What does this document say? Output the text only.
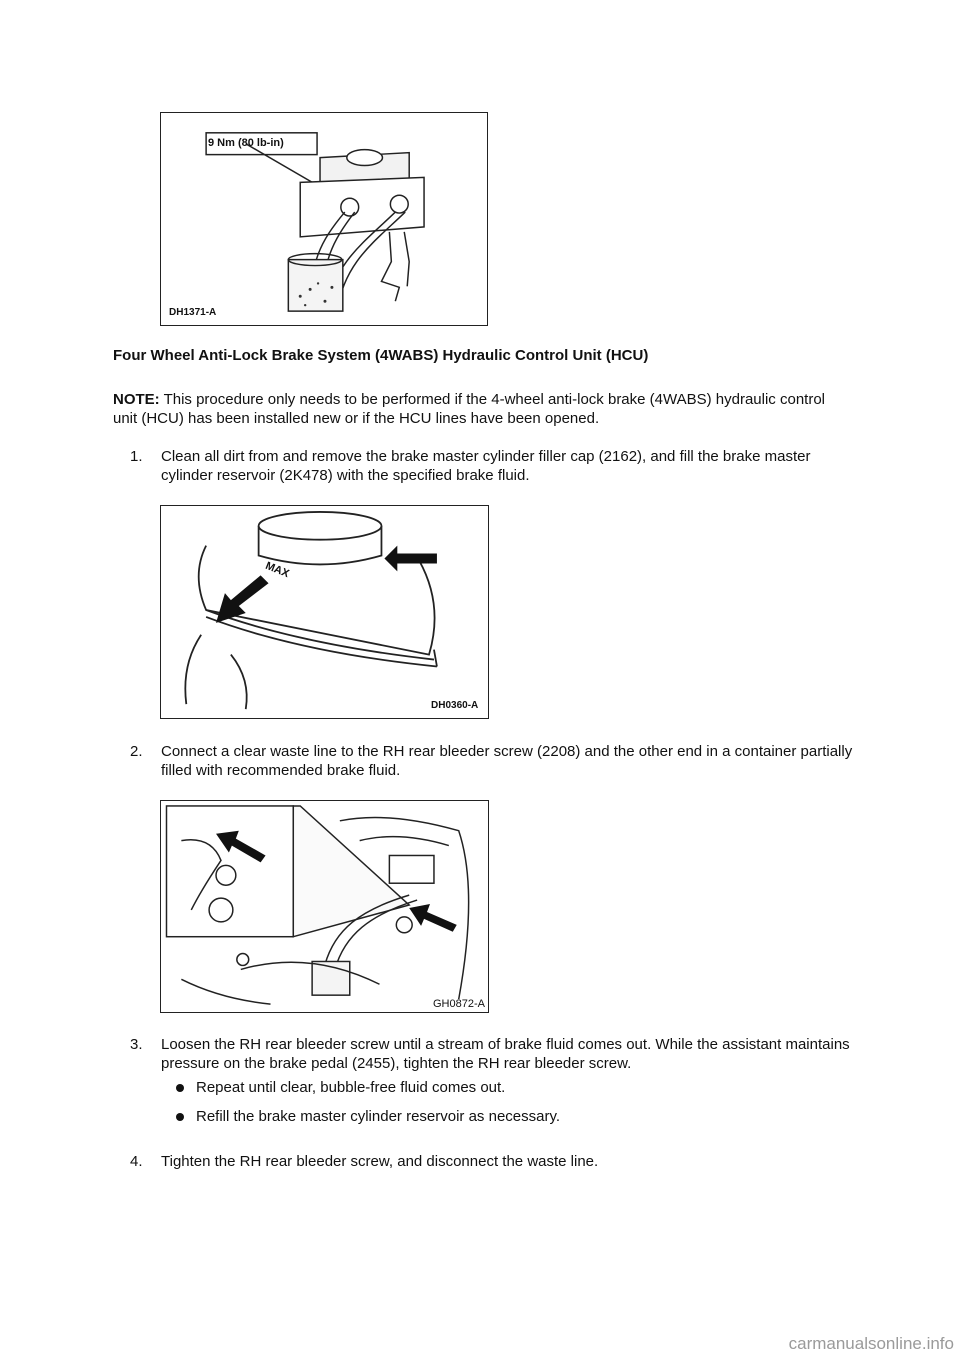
9 Nm (80 lb-in)
DH1371-A
Four Wheel Anti-Lock Brake System (4WABS) Hydraulic Control Unit (HCU)
NOTE: This procedure only needs to be performed if the 4-wheel anti-lock brake (4WABS) hydraulic control unit (HCU) has been installed new or if the HCU lines have been opened.
1. Clean all dirt from and remove the brake master cylinder filler cap (2162), and fill the brake master cylinder reservoir (2K478) with the specified brake fluid.
MAX
DH0360-A
2. Connect a clear waste line to the RH rear bleeder screw (2208) and the other end in a container partially filled with recommended brake fluid.
GH0872-A
3. Loosen the RH rear bleeder screw until a stream of brake fluid comes out. While the assistant maintains pressure on the brake pedal (2455), tighten the RH rear bleeder screw.
Repeat until clear, bubble-free fluid comes out.
Refill the brake master cylinder reservoir as necessary.
4. Tighten the RH rear bleeder screw, and disconnect the waste line.
carmanualsonline.info
